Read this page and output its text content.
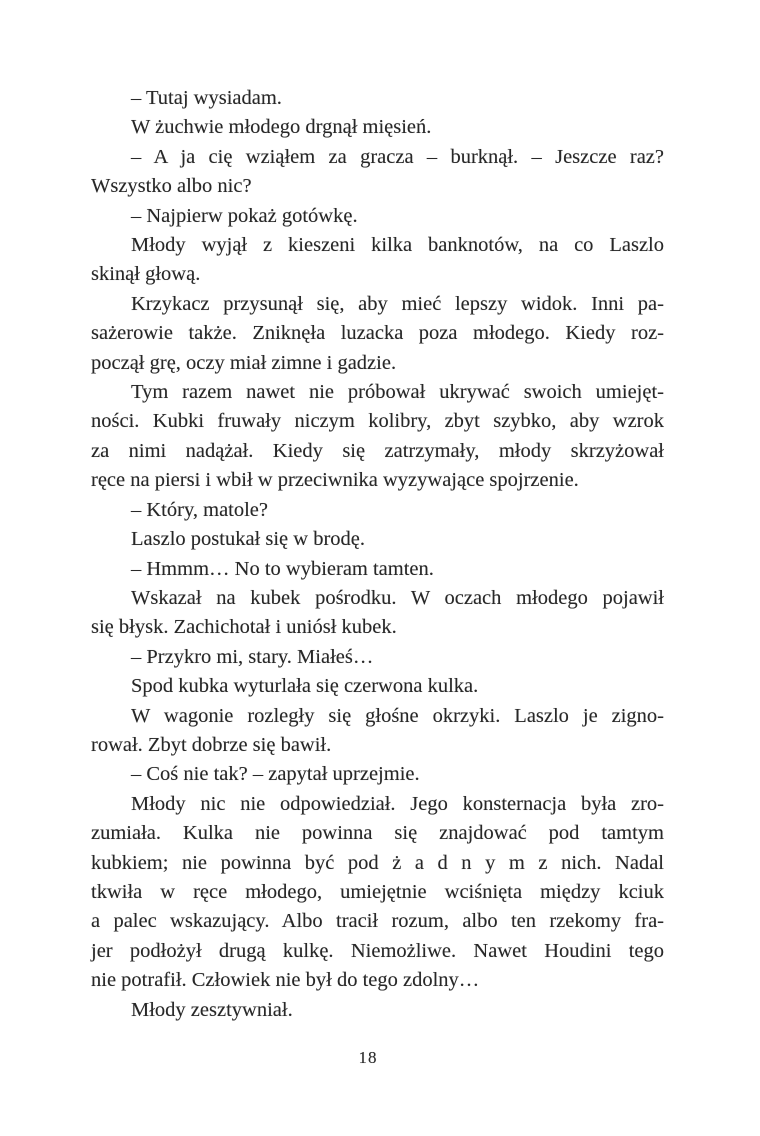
– Tutaj wysiadam.
W żuchwie młodego drgnął mięsień.
– A ja cię wziąłem za gracza – burknął. – Jeszcze raz?
Wszystko albo nic?
– Najpierw pokaż gotówkę.
Młody wyjął z kieszeni kilka banknotów, na co Laszlo
skinął głową.
Krzykacz przysunął się, aby mieć lepszy widok. Inni pa-
sażerowie także. Zniknęła luzacka poza młodego. Kiedy roz-
począł grę, oczy miał zimne i gadzie.
Tym razem nawet nie próbował ukrywać swoich umiejęt-
ności. Kubki fruwały niczym kolibry, zbyt szybko, aby wzrok
za nimi nadążał. Kiedy się zatrzymały, młody skrzyżował
ręce na piersi i wbił w przeciwnika wyzywające spojrzenie.
– Który, matole?
Laszlo postukał się w brodę.
– Hmmm… No to wybieram tamten.
Wskazał na kubek pośrodku. W oczach młodego pojawił
się błysk. Zachichotał i uniósł kubek.
– Przykro mi, stary. Miałeś…
Spod kubka wyturlała się czerwona kulka.
W wagonie rozległy się głośne okrzyki. Laszlo je zigno-
rował. Zbyt dobrze się bawił.
– Coś nie tak? – zapytał uprzejmie.
Młody nic nie odpowiedział. Jego konsternacja była zro-
zumiała. Kulka nie powinna się znajdować pod tamtym
kubkiem; nie powinna być pod ż a d n y m z nich. Nadal
tkwiła w ręce młodego, umiejętnie wciśnięta między kciuk
a palec wskazujący. Albo tracił rozum, albo ten rzekomy fra-
jer podłożył drugą kulkę. Niemożliwe. Nawet Houdini tego
nie potrafił. Człowiek nie był do tego zdolny…
Młody zesztywniał.
18
